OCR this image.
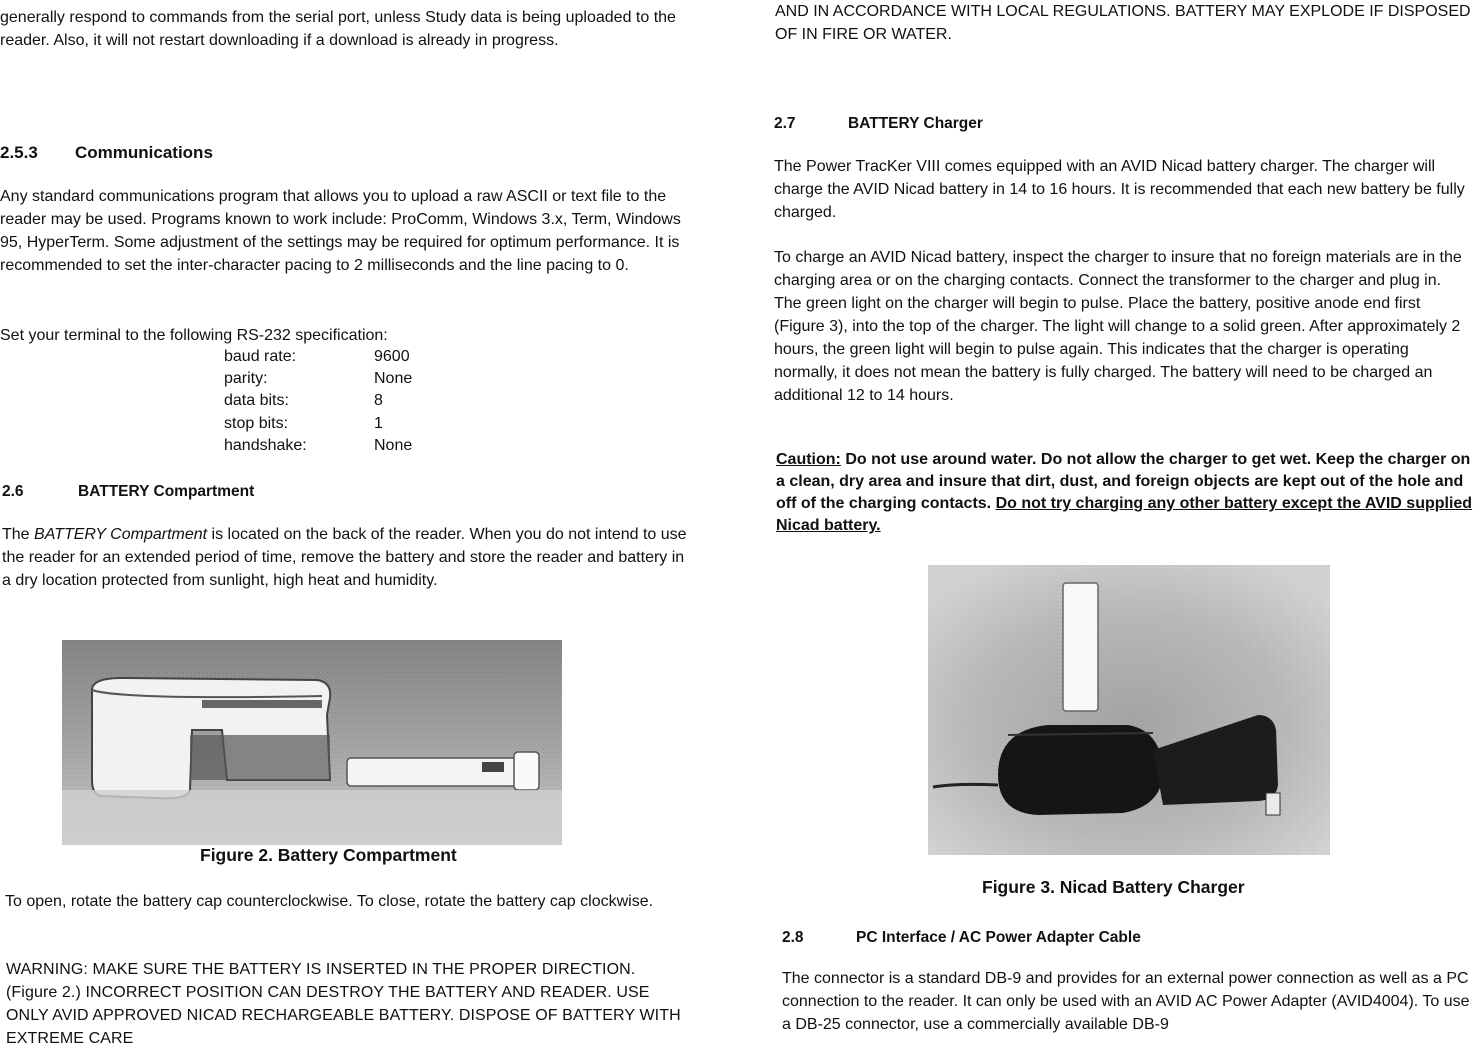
generally respond to commands from the serial port, unless Study data is being uploaded to the reader. Also, it will not restart downloading if a download is already in progress.

2.5.3 Communications

Any standard communications program that allows you to upload a raw ASCII or text file to the reader may be used. Programs known to work include: ProComm, Windows 3.x, Term, Windows 95, HyperTerm. Some adjustment of the settings may be required for optimum performance. It is recommended to set the inter-character pacing to 2 milliseconds and the line pacing to 0.

Set your terminal to the following RS-232 specification:

baud rate:	9600
parity:	None
data bits:	8
stop bits:	1
handshake:	None
2.6	BATTERY Compartment

The BATTERY Compartment is located on the back of the reader. When you do not intend to use the reader for an extended period of time, remove the battery and store the reader and battery in a dry location protected from sunlight, high heat and humidity.

Figure 2. Battery Compartment

To open, rotate the battery cap counterclockwise. To close, rotate the battery cap clockwise.

WARNING: MAKE SURE THE BATTERY IS INSERTED IN THE PROPER DIRECTION. (Figure 2.) INCORRECT POSITION CAN DESTROY THE BATTERY AND READER. USE ONLY AVID APPROVED NICAD RECHARGEABLE BATTERY. DISPOSE OF BATTERY WITH EXTREME CARE

AND IN ACCORDANCE WITH LOCAL REGULATIONS. BATTERY MAY EXPLODE IF DISPOSED OF IN FIRE OR WATER.

2.7	BATTERY Charger

The Power TracKer VIII comes equipped with an AVID Nicad battery charger. The charger will charge the AVID Nicad battery in 14 to 16 hours. It is recommended that each new battery be fully charged.

To charge an AVID Nicad battery, inspect the charger to insure that no foreign materials are in the charging area or on the charging contacts. Connect the transformer to the charger and plug in. The green light on the charger will begin to pulse. Place the battery, positive anode end first (Figure 3), into the top of the charger. The light will change to a solid green. After approximately 2 hours, the green light will begin to pulse again. This indicates that the charger is operating normally, it does not mean the battery is fully charged. The battery will need to be charged an additional 12 to 14 hours.

Caution: Do not use around water. Do not allow the charger to get wet. Keep the charger on a clean, dry area and insure that dirt, dust, and foreign objects are kept out of the hole and off of the charging contacts. Do not try charging any other battery except the AVID supplied Nicad battery.

Figure 3. Nicad Battery Charger
2.8	PC Interface / AC Power Adapter Cable

The connector is a standard DB-9 and provides for an external power connection as well as a PC connection to the reader. It can only be used with an AVID AC Power Adapter (AVID4004). To use a DB-25 connector, use a commercially available DB-9
